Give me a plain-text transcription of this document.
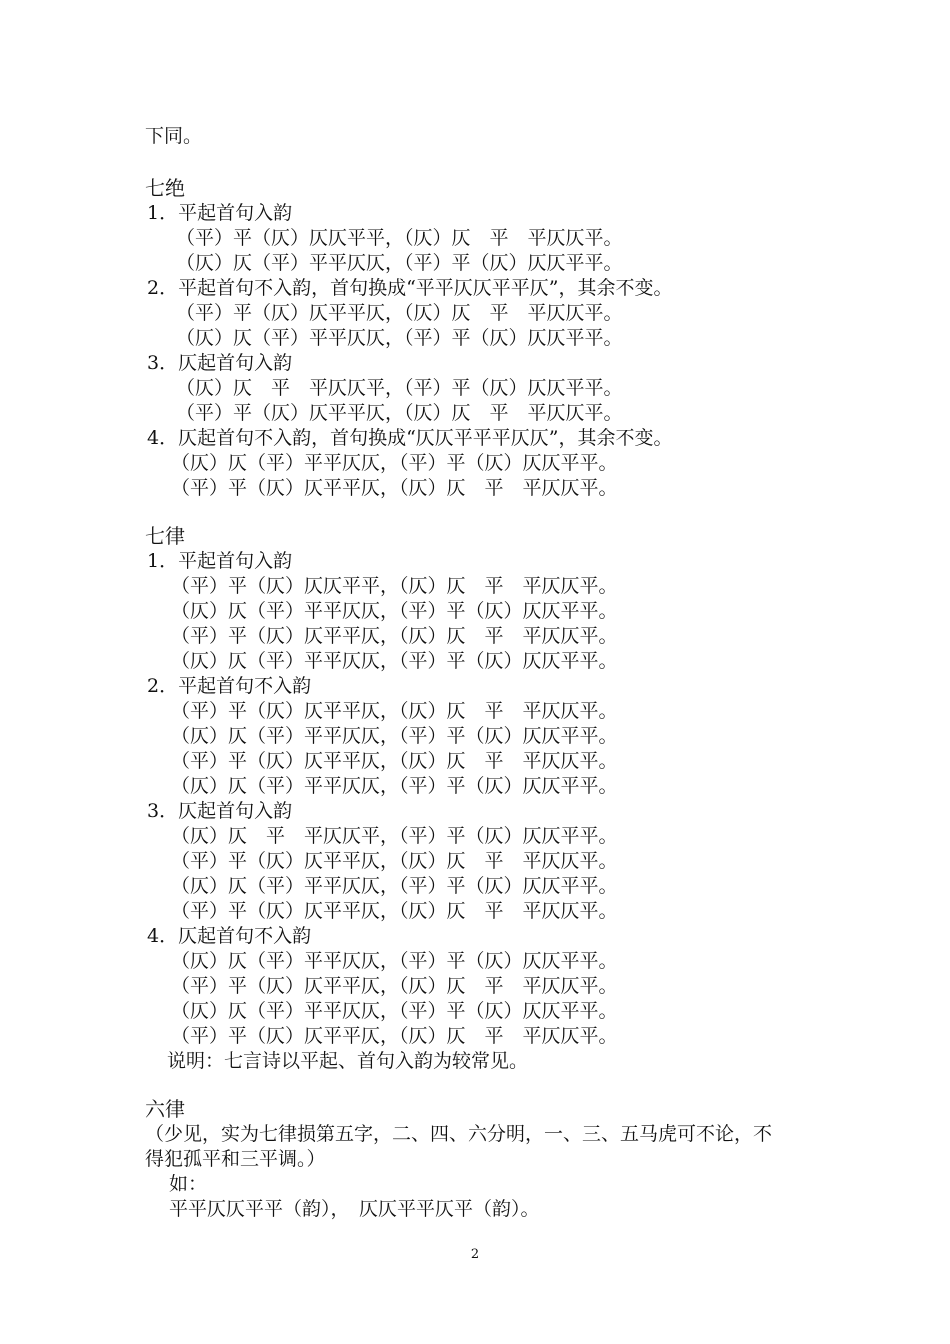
下同。
七绝
1．平起首句入韵
（平）平（仄）仄仄平平，（仄）仄　平　平仄仄平。
（仄）仄（平）平平仄仄，（平）平（仄）仄仄平平。
2．平起首句不入韵，首句换成“平平仄仄平平仄”，其余不变。
（平）平（仄）仄平平仄，（仄）仄　平　平仄仄平。
（仄）仄（平）平平仄仄，（平）平（仄）仄仄平平。
3．仄起首句入韵
（仄）仄　平　平仄仄平，（平）平（仄）仄仄平平。
（平）平（仄）仄平平仄，（仄）仄　平　平仄仄平。
4．仄起首句不入韵，首句换成“仄仄平平平仄仄”，其余不变。
（仄）仄（平）平平仄仄，（平）平（仄）仄仄平平。
（平）平（仄）仄平平仄，（仄）仄　平　平仄仄平。
七律
1．平起首句入韵
（平）平（仄）仄仄平平，（仄）仄　平　平仄仄平。
（仄）仄（平）平平仄仄，（平）平（仄）仄仄平平。
（平）平（仄）仄平平仄，（仄）仄　平　平仄仄平。
（仄）仄（平）平平仄仄，（平）平（仄）仄仄平平。
2．平起首句不入韵
（平）平（仄）仄平平仄，（仄）仄　平　平仄仄平。
（仄）仄（平）平平仄仄，（平）平（仄）仄仄平平。
（平）平（仄）仄平平仄，（仄）仄　平　平仄仄平。
（仄）仄（平）平平仄仄，（平）平（仄）仄仄平平。
3．仄起首句入韵
（仄）仄　平　平仄仄平，（平）平（仄）仄仄平平。
（平）平（仄）仄平平仄，（仄）仄　平　平仄仄平。
（仄）仄（平）平平仄仄，（平）平（仄）仄仄平平。
（平）平（仄）仄平平仄，（仄）仄　平　平仄仄平。
4．仄起首句不入韵
（仄）仄（平）平平仄仄，（平）平（仄）仄仄平平。
（平）平（仄）仄平平仄，（仄）仄　平　平仄仄平。
（仄）仄（平）平平仄仄，（平）平（仄）仄仄平平。
（平）平（仄）仄平平仄，（仄）仄　平　平仄仄平。
说明：七言诗以平起、首句入韵为较常见。
六律
（少见，实为七律损第五字，二、四、六分明，一、三、五马虎可不论，不
得犯孤平和三平调。）
如：
平平仄仄平平（韵），　仄仄平平仄平（韵）。
2
